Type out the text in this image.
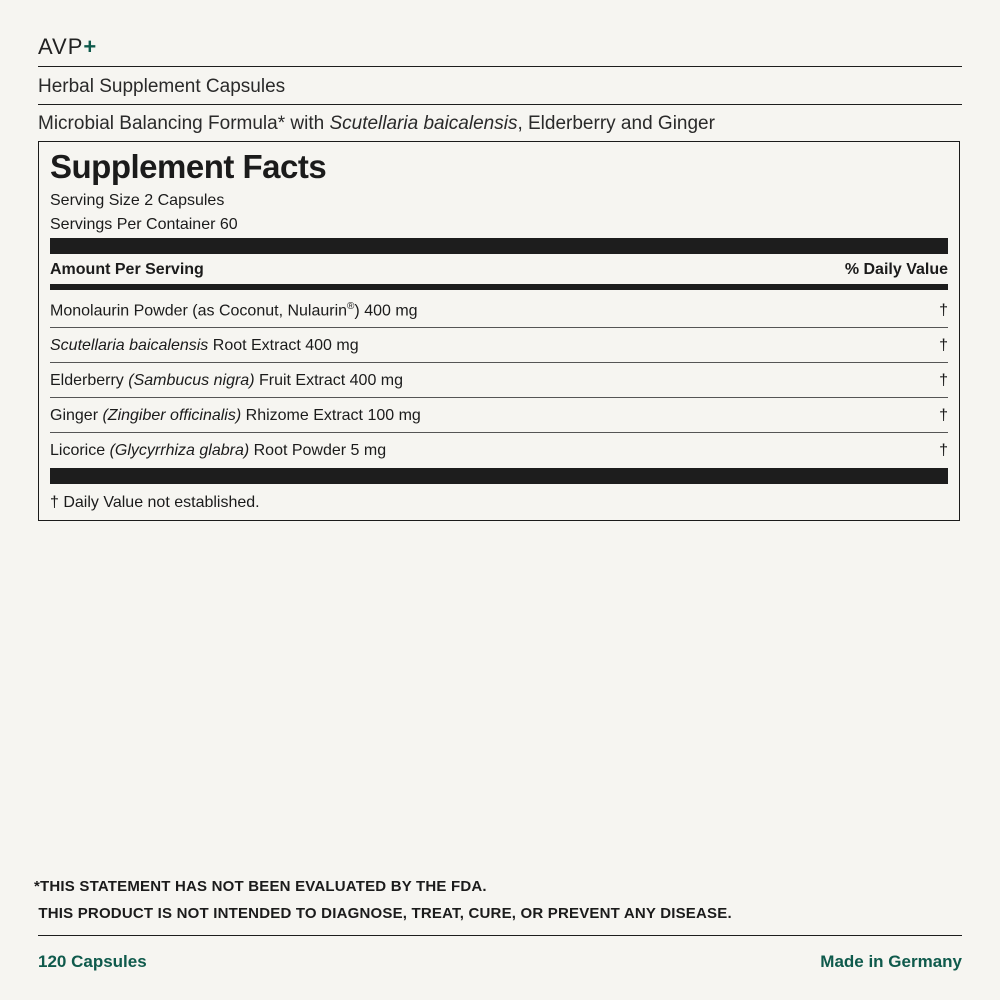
AVP+
Herbal Supplement Capsules
Microbial Balancing Formula* with Scutellaria baicalensis, Elderberry and Ginger
Supplement Facts
Serving Size 2 Capsules
Servings Per Container 60
Amount Per Serving	% Daily Value
Monolaurin Powder (as Coconut, Nulaurin®) 400 mg	†
Scutellaria baicalensis Root Extract 400 mg	†
Elderberry (Sambucus nigra) Fruit Extract 400 mg	†
Ginger (Zingiber officinalis) Rhizome Extract 100 mg	†
Licorice (Glycyrrhiza glabra) Root Powder 5 mg	†
† Daily Value not established.
*THIS STATEMENT HAS NOT BEEN EVALUATED BY THE FDA.
THIS PRODUCT IS NOT INTENDED TO DIAGNOSE, TREAT, CURE, OR PREVENT ANY DISEASE.
120 Capsules	Made in Germany
